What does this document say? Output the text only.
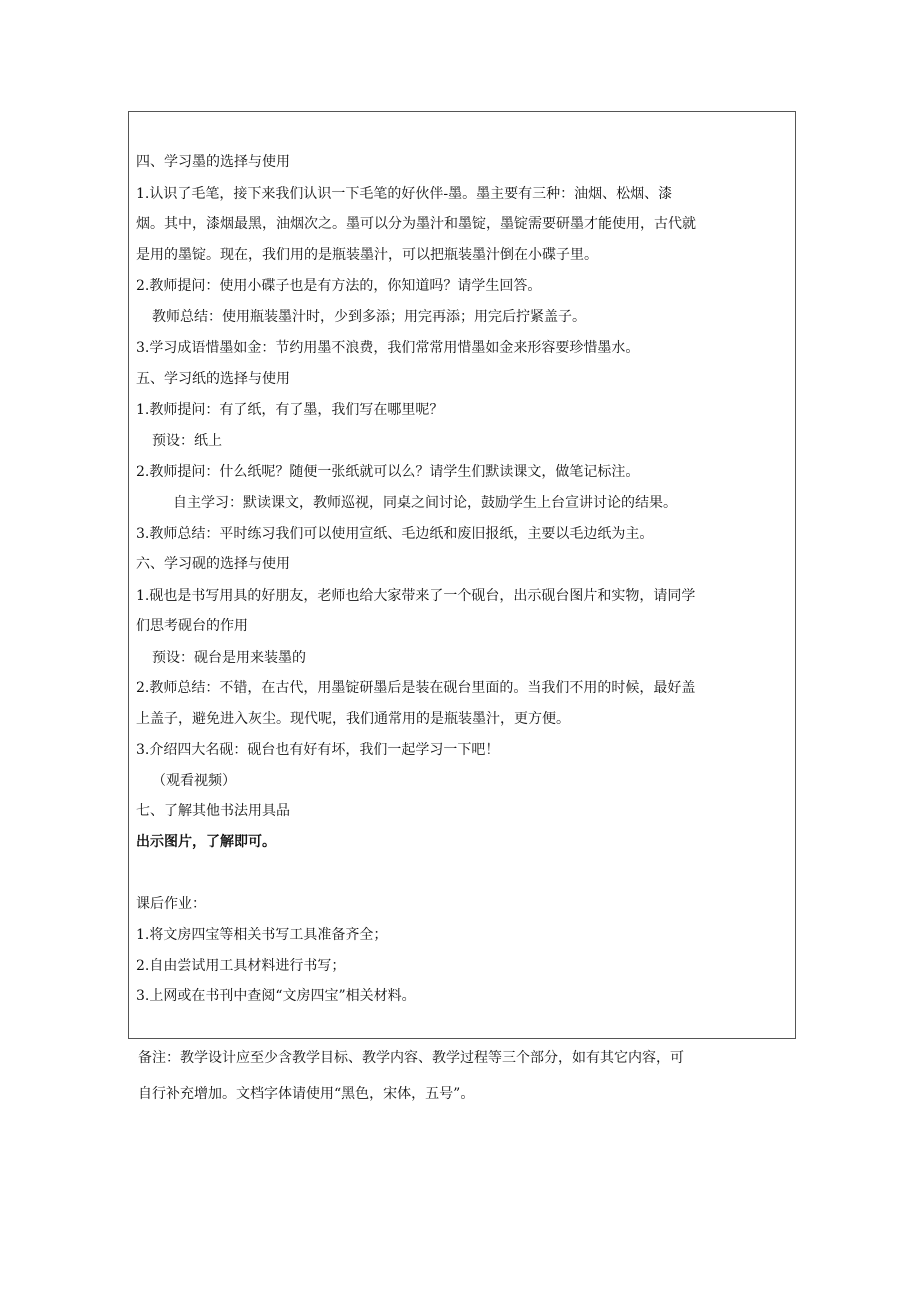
四、学习墨的选择与使用
1.认识了毛笔，接下来我们认识一下毛笔的好伙伴-墨。墨主要有三种：油烟、松烟、漆
烟。其中，漆烟最黑，油烟次之。墨可以分为墨汁和墨锭，墨锭需要研墨才能使用，古代就
是用的墨锭。现在，我们用的是瓶装墨汁，可以把瓶装墨汁倒在小碟子里。
2.教师提问：使用小碟子也是有方法的，你知道吗？请学生回答。
教师总结：使用瓶装墨汁时，少到多添；用完再添；用完后拧紧盖子。
3.学习成语惜墨如金：节约用墨不浪费，我们常常用惜墨如金来形容要珍惜墨水。
五、学习纸的选择与使用
1.教师提问：有了纸，有了墨，我们写在哪里呢？
预设：纸上
2.教师提问：什么纸呢？随便一张纸就可以么？请学生们默读课文，做笔记标注。
自主学习：默读课文，教师巡视，同桌之间讨论，鼓励学生上台宣讲讨论的结果。
3.教师总结：平时练习我们可以使用宣纸、毛边纸和废旧报纸，主要以毛边纸为主。
六、学习砚的选择与使用
1.砚也是书写用具的好朋友，老师也给大家带来了一个砚台，出示砚台图片和实物，请同学
们思考砚台的作用
预设：砚台是用来装墨的
2.教师总结：不错，在古代，用墨锭研墨后是装在砚台里面的。当我们不用的时候，最好盖
上盖子，避免进入灰尘。现代呢，我们通常用的是瓶装墨汁，更方便。
3.介绍四大名砚：砚台也有好有坏，我们一起学习一下吧！
（观看视频）
七、了解其他书法用具品
出示图片，了解即可。
课后作业：
1.将文房四宝等相关书写工具准备齐全；
2.自由尝试用工具材料进行书写；
3.上网或在书刊中查阅“文房四宝”相关材料。
备注：教学设计应至少含教学目标、教学内容、教学过程等三个部分，如有其它内容，可
自行补充增加。文档字体请使用“黑色，宋体，五号”。
